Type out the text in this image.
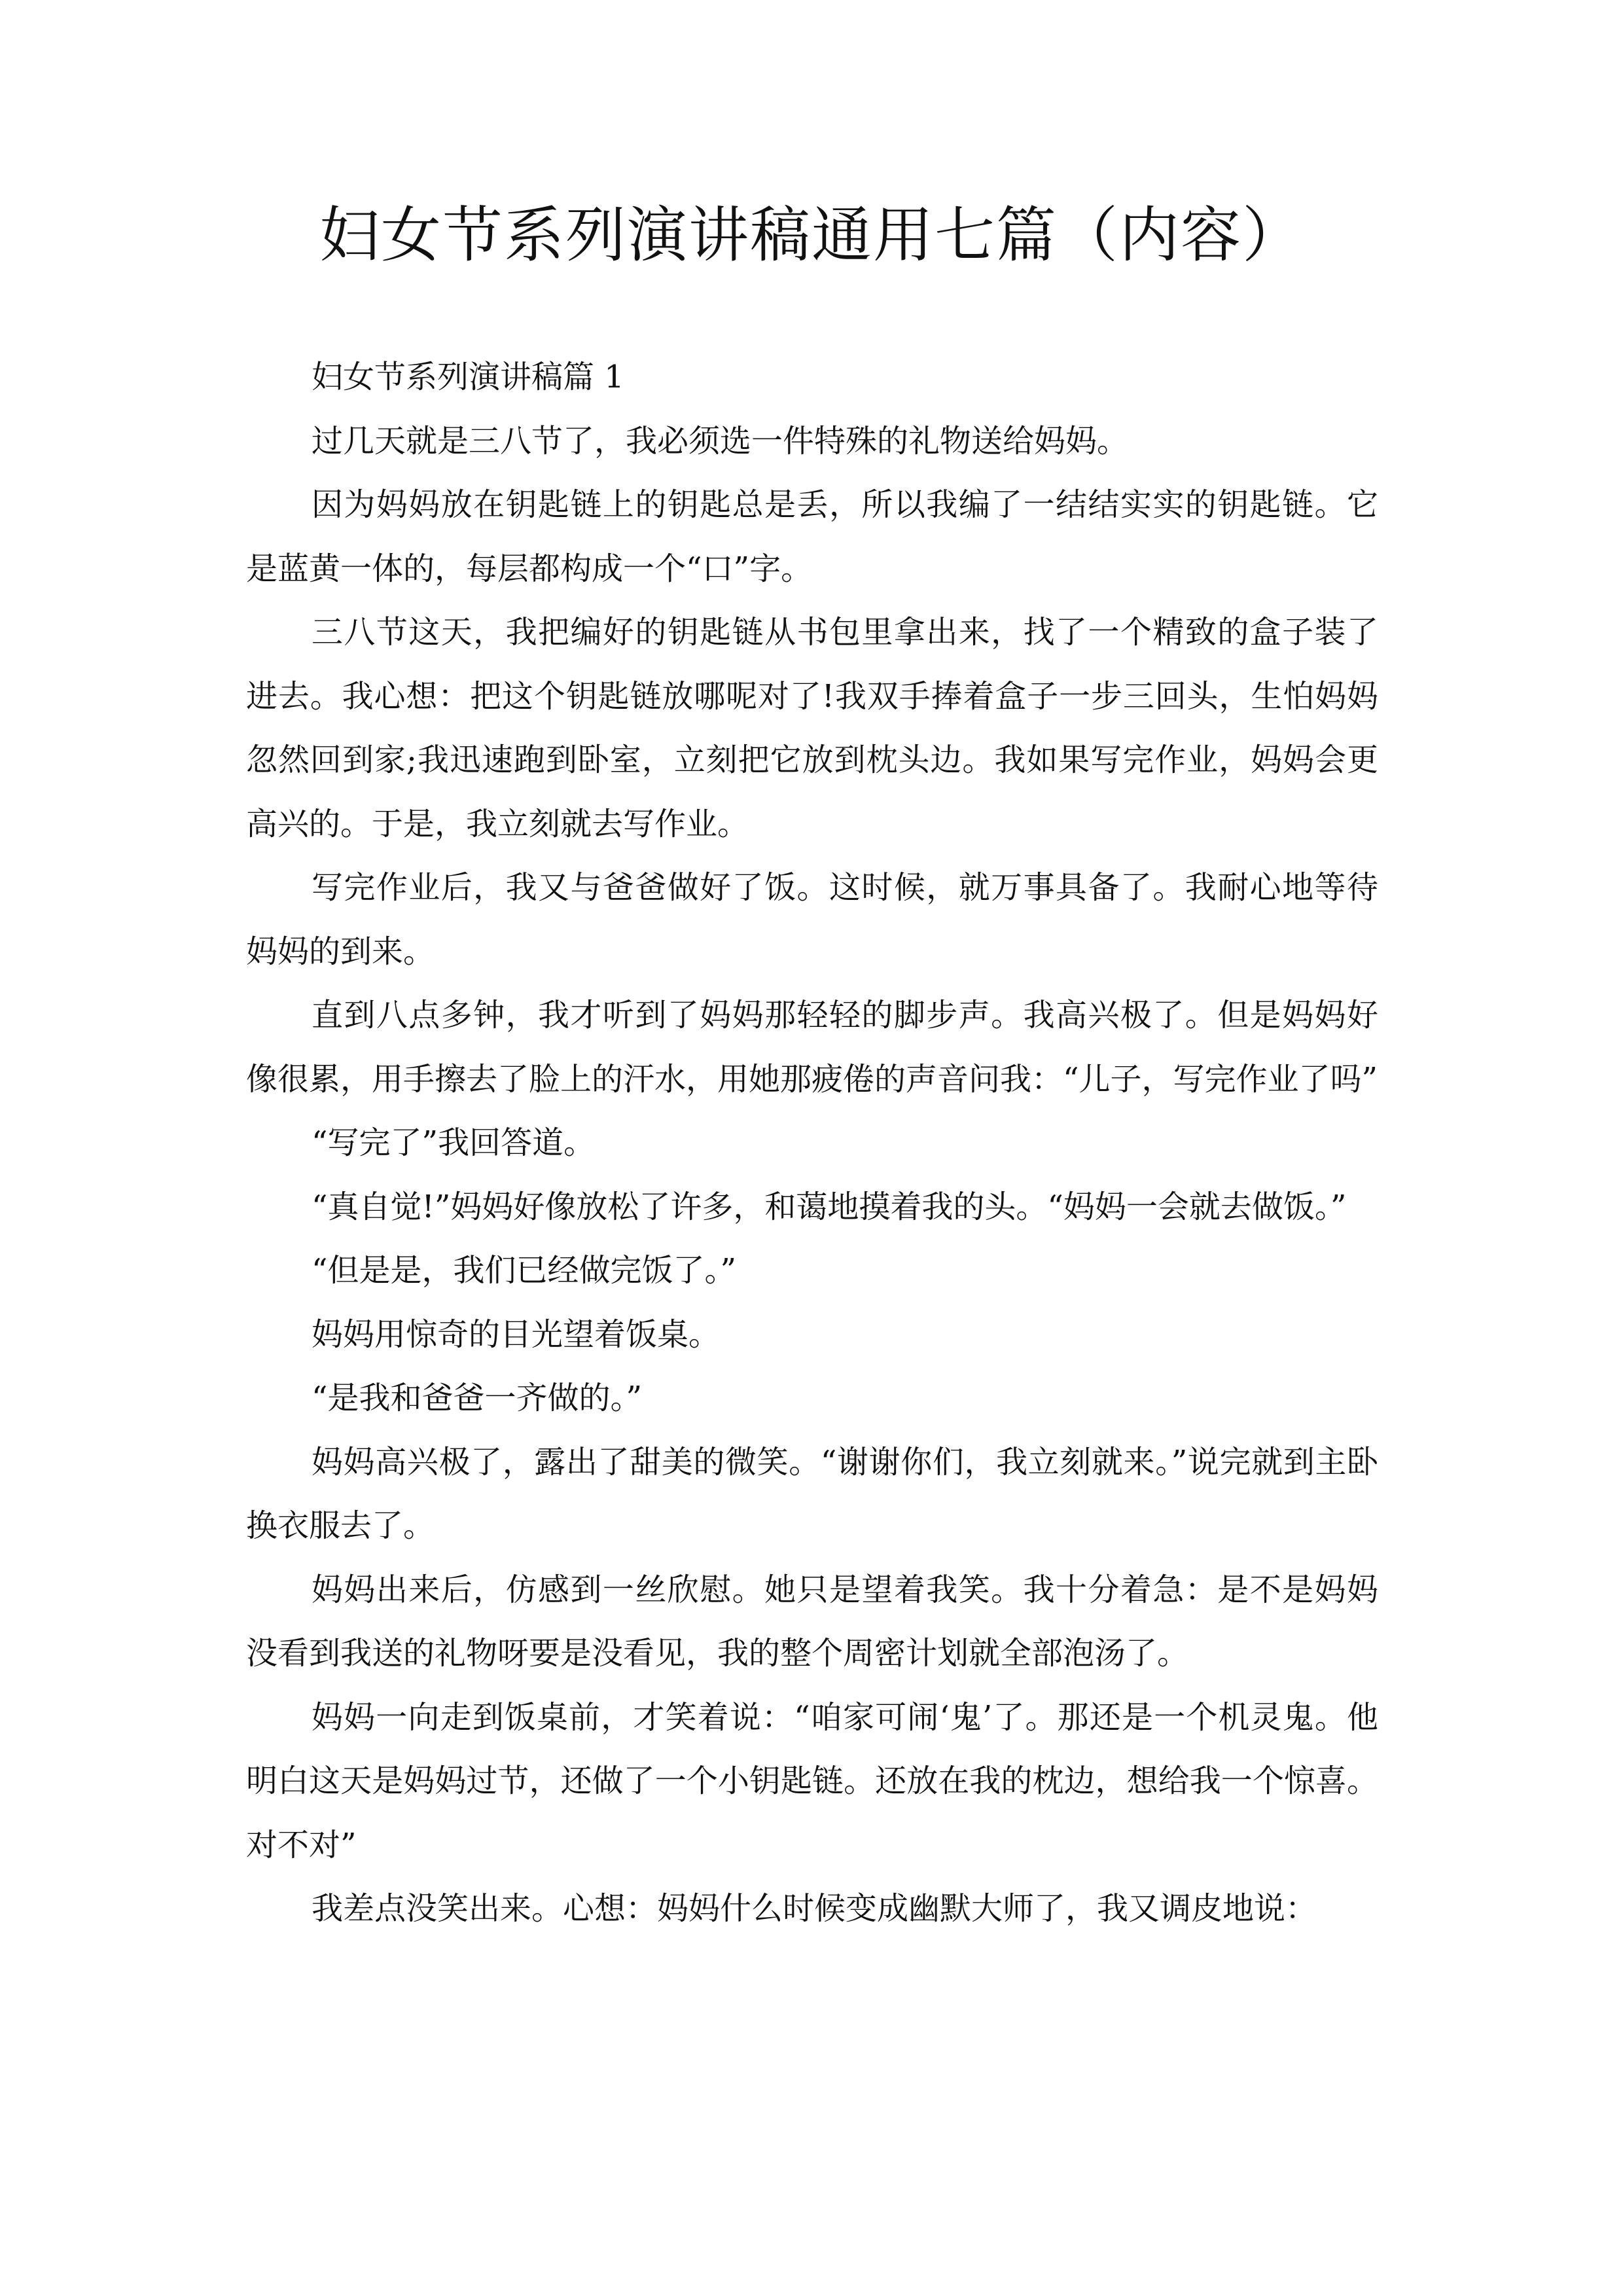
妇女节系列演讲稿通用七篇（内容）

妇女节系列演讲稿篇 1

过几天就是三八节了，我必须选一件特殊的礼物送给妈妈。

因为妈妈放在钥匙链上的钥匙总是丢，所以我编了一结结实实的钥匙链。它是蓝黄一体的，每层都构成一个“口”字。

三八节这天，我把编好的钥匙链从书包里拿出来，找了一个精致的盒子装了进去。我心想：把这个钥匙链放哪呢对了!我双手捧着盒子一步三回头，生怕妈妈忽然回到家;我迅速跑到卧室，立刻把它放到枕头边。我如果写完作业，妈妈会更高兴的。于是，我立刻就去写作业。

写完作业后，我又与爸爸做好了饭。这时候，就万事具备了。我耐心地等待妈妈的到来。

直到八点多钟，我才听到了妈妈那轻轻的脚步声。我高兴极了。但是妈妈好像很累，用手擦去了脸上的汗水，用她那疲倦的声音问我：“儿子，写完作业了吗”

“写完了”我回答道。

“真自觉!”妈妈好像放松了许多，和蔼地摸着我的头。“妈妈一会就去做饭。”

“但是是，我们已经做完饭了。”

妈妈用惊奇的目光望着饭桌。

“是我和爸爸一齐做的。”

妈妈高兴极了，露出了甜美的微笑。“谢谢你们，我立刻就来。”说完就到主卧换衣服去了。

妈妈出来后，仿感到一丝欣慰。她只是望着我笑。我十分着急：是不是妈妈没看到我送的礼物呀要是没看见，我的整个周密计划就全部泡汤了。

妈妈一向走到饭桌前，才笑着说：“咱家可闹‘鬼’了。那还是一个机灵鬼。他明白这天是妈妈过节，还做了一个小钥匙链。还放在我的枕边，想给我一个惊喜。对不对”

我差点没笑出来。心想：妈妈什么时候变成幽默大师了，我又调皮地说：
